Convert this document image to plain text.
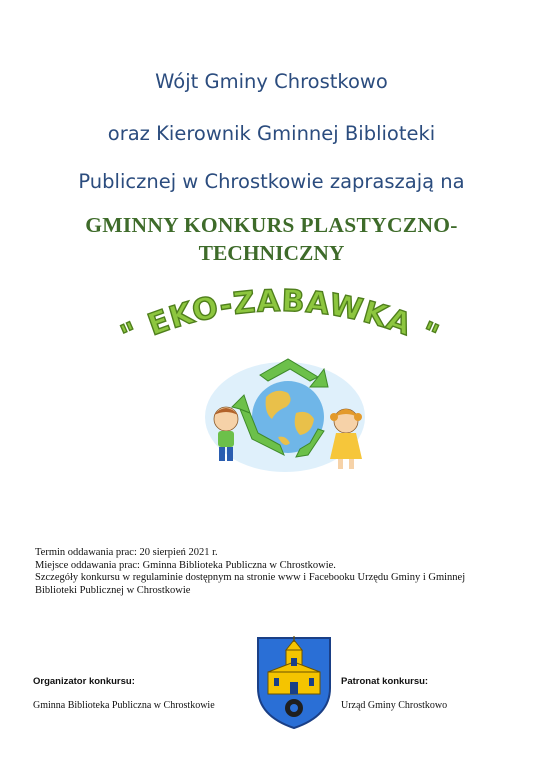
Wójt Gminy Chrostkowo
oraz Kierownik Gminnej Biblioteki
Publicznej w Chrostkowie zapraszają na
GMINNY KONKURS PLASTYCZNO-
TECHNICZNY
" EKO-ZABAWKA "
Termin oddawania prac: 20 sierpień 2021 r.
Miejsce oddawania prac: Gminna Biblioteka Publiczna w Chrostkowie.
Szczegóły konkursu w regulaminie dostępnym na stronie www i Facebooku Urzędu Gminy i Gminnej
Biblioteki Publicznej w Chrostkowie
Organizator konkursu:
Gminna Biblioteka Publiczna w Chrostkowie
Patronat konkursu:
Urząd Gminy Chrostkowo
